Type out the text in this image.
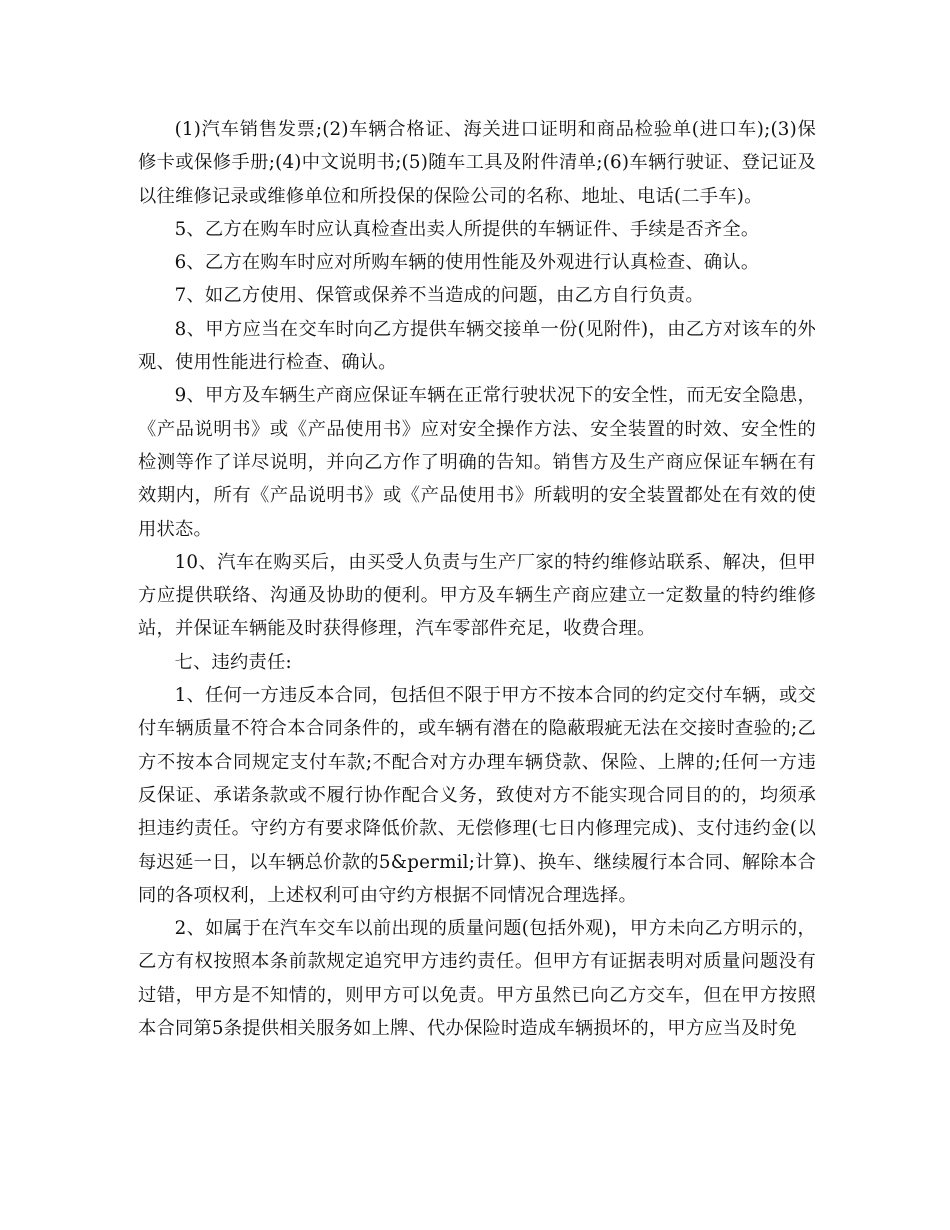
(1)汽车销售发票;(2)车辆合格证、海关进口证明和商品检验单(进口车);(3)保修卡或保修手册;(4)中文说明书;(5)随车工具及附件清单;(6)车辆行驶证、登记证及以往维修记录或维修单位和所投保的保险公司的名称、地址、电话(二手车)。

5、乙方在购车时应认真检查出卖人所提供的车辆证件、手续是否齐全。

6、乙方在购车时应对所购车辆的使用性能及外观进行认真检查、确认。

7、如乙方使用、保管或保养不当造成的问题，由乙方自行负责。

8、甲方应当在交车时向乙方提供车辆交接单一份(见附件)，由乙方对该车的外观、使用性能进行检查、确认。

9、甲方及车辆生产商应保证车辆在正常行驶状况下的安全性，而无安全隐患，《产品说明书》或《产品使用书》应对安全操作方法、安全装置的时效、安全性的检测等作了详尽说明，并向乙方作了明确的告知。销售方及生产商应保证车辆在有效期内，所有《产品说明书》或《产品使用书》所载明的安全装置都处在有效的使用状态。

10、汽车在购买后，由买受人负责与生产厂家的特约维修站联系、解决，但甲方应提供联络、沟通及协助的便利。甲方及车辆生产商应建立一定数量的特约维修站，并保证车辆能及时获得修理，汽车零部件充足，收费合理。

七、违约责任:

1、任何一方违反本合同，包括但不限于甲方不按本合同的约定交付车辆，或交付车辆质量不符合本合同条件的，或车辆有潜在的隐蔽瑕疵无法在交接时查验的;乙方不按本合同规定支付车款;不配合对方办理车辆贷款、保险、上牌的;任何一方违反保证、承诺条款或不履行协作配合义务，致使对方不能实现合同目的的，均须承担违约责任。守约方有要求降低价款、无偿修理(七日内修理完成)、支付违约金(以每迟延一日，以车辆总价款的5&permil;计算)、换车、继续履行本合同、解除本合同的各项权利，上述权利可由守约方根据不同情况合理选择。

2、如属于在汽车交车以前出现的质量问题(包括外观)，甲方未向乙方明示的，乙方有权按照本条前款规定追究甲方违约责任。但甲方有证据表明对质量问题没有过错，甲方是不知情的，则甲方可以免责。甲方虽然已向乙方交车，但在甲方按照本合同第5条提供相关服务如上牌、代办保险时造成车辆损坏的，甲方应当及时免
